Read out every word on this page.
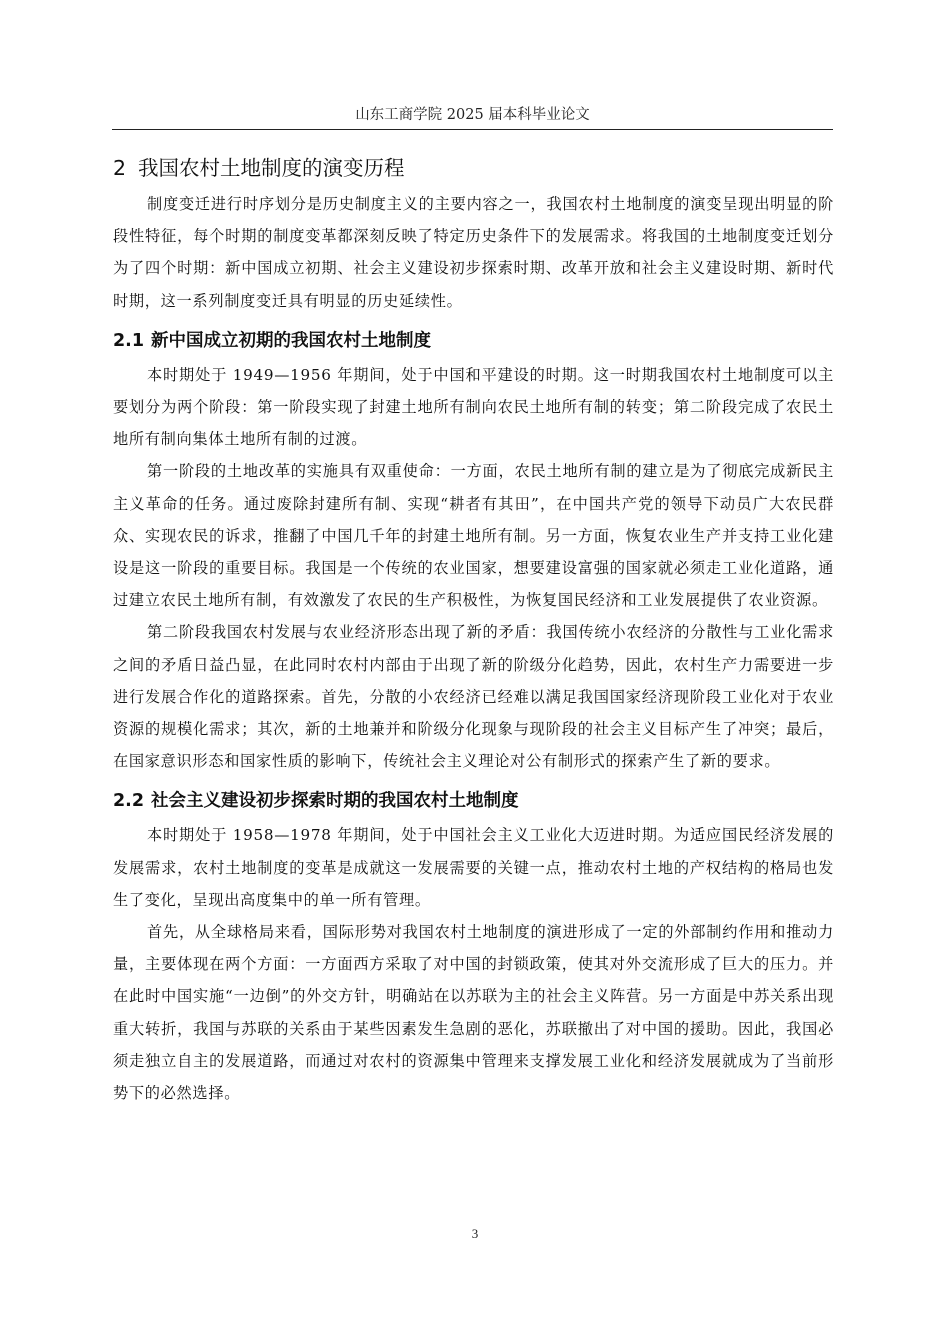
山东工商学院 2025 届本科毕业论文
2 我国农村土地制度的演变历程

制度变迁进行时序划分是历史制度主义的主要内容之一，我国农村土地制度的演变呈现出明显的阶段性特征，每个时期的制度变革都深刻反映了特定历史条件下的发展需求。将我国的土地制度变迁划分为了四个时期：新中国成立初期、社会主义建设初步探索时期、改革开放和社会主义建设时期、新时代时期，这一系列制度变迁具有明显的历史延续性。

2.1 新中国成立初期的我国农村土地制度

本时期处于 1949—1956 年期间，处于中国和平建设的时期。这一时期我国农村土地制度可以主要划分为两个阶段：第一阶段实现了封建土地所有制向农民土地所有制的转变；第二阶段完成了农民土地所有制向集体土地所有制的过渡。

第一阶段的土地改革的实施具有双重使命：一方面，农民土地所有制的建立是为了彻底完成新民主主义革命的任务。通过废除封建所有制、实现“耕者有其田”，在中国共产党的领导下动员广大农民群众、实现农民的诉求，推翻了中国几千年的封建土地所有制。另一方面，恢复农业生产并支持工业化建设是这一阶段的重要目标。我国是一个传统的农业国家，想要建设富强的国家就必须走工业化道路，通过建立农民土地所有制，有效激发了农民的生产积极性，为恢复国民经济和工业发展提供了农业资源。

第二阶段我国农村发展与农业经济形态出现了新的矛盾：我国传统小农经济的分散性与工业化需求之间的矛盾日益凸显，在此同时农村内部由于出现了新的阶级分化趋势，因此，农村生产力需要进一步进行发展合作化的道路探索。首先，分散的小农经济已经难以满足我国国家经济现阶段工业化对于农业资源的规模化需求；其次，新的土地兼并和阶级分化现象与现阶段的社会主义目标产生了冲突；最后，在国家意识形态和国家性质的影响下，传统社会主义理论对公有制形式的探索产生了新的要求。

2.2 社会主义建设初步探索时期的我国农村土地制度

本时期处于 1958—1978 年期间，处于中国社会主义工业化大迈进时期。为适应国民经济发展的发展需求，农村土地制度的变革是成就这一发展需要的关键一点，推动农村土地的产权结构的格局也发生了变化，呈现出高度集中的单一所有管理。

首先，从全球格局来看，国际形势对我国农村土地制度的演进形成了一定的外部制约作用和推动力量，主要体现在两个方面：一方面西方采取了对中国的封锁政策，使其对外交流形成了巨大的压力。并在此时中国实施“一边倒”的外交方针，明确站在以苏联为主的社会主义阵营。另一方面是中苏关系出现重大转折，我国与苏联的关系由于某些因素发生急剧的恶化，苏联撤出了对中国的援助。因此，我国必须走独立自主的发展道路，而通过对农村的资源集中管理来支撑发展工业化和经济发展就成为了当前形势下的必然选择。

3
